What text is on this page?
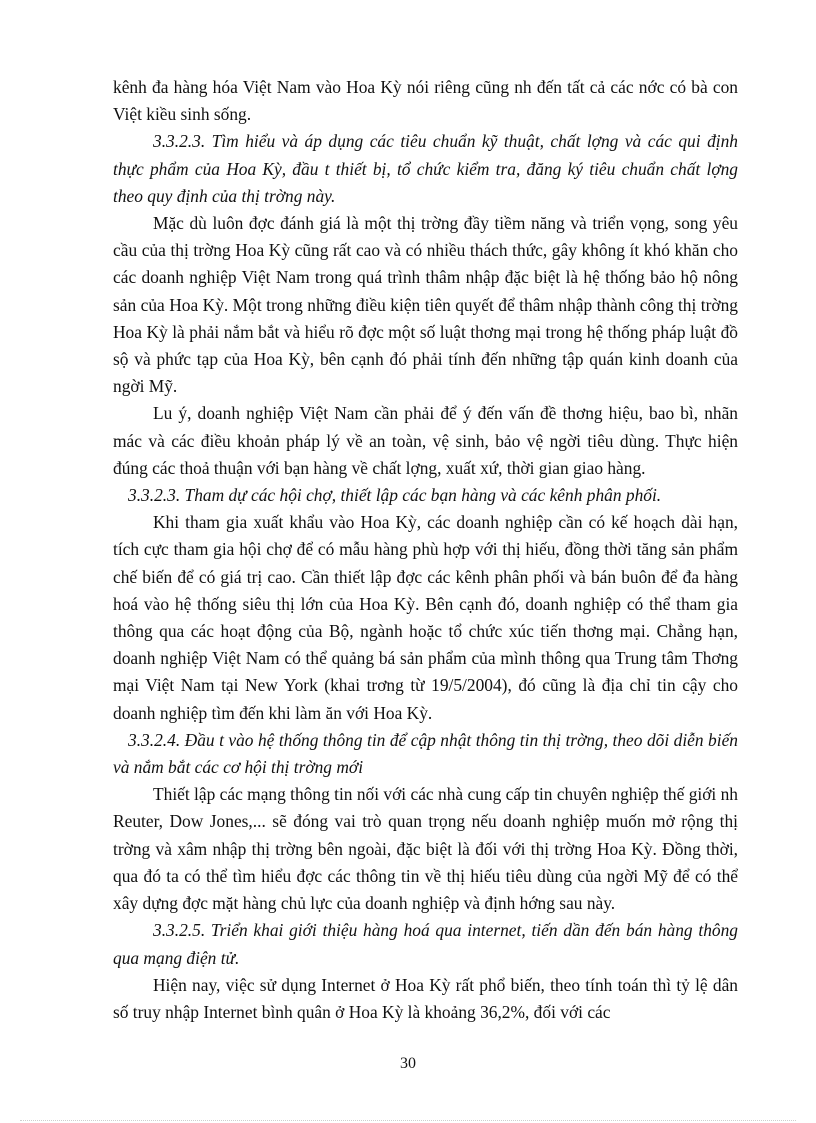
kênh đa hàng hóa Việt Nam vào Hoa Kỳ nói riêng cũng nh đến tất cả các nớc có bà con Việt kiều sinh sống.

3.3.2.3. Tìm hiểu và áp dụng các tiêu chuẩn kỹ thuật, chất lợng và các qui định thực phẩm của Hoa Kỳ, đầu t thiết bị, tổ chức kiểm tra, đăng ký tiêu chuẩn chất lợng theo quy định của thị trờng này.

Mặc dù luôn đợc đánh giá là một thị trờng đầy tiềm năng và triển vọng, song yêu cầu của thị trờng Hoa Kỳ cũng rất cao và có nhiều thách thức, gây không ít khó khăn cho các doanh nghiệp Việt Nam trong quá trình thâm nhập đặc biệt là hệ thống bảo hộ nông sản của Hoa Kỳ. Một trong những điều kiện tiên quyết để thâm nhập thành công thị trờng Hoa Kỳ là phải nắm bắt và hiểu rõ đợc một số luật thơng mại trong hệ thống pháp luật đồ sộ và phức tạp của Hoa Kỳ, bên cạnh đó phải tính đến những tập quán kinh doanh của ngời Mỹ.

Lu ý, doanh nghiệp Việt Nam cần phải để ý đến vấn đề thơng hiệu, bao bì, nhãn mác và các điều khoản pháp lý về an toàn, vệ sinh, bảo vệ ngời tiêu dùng. Thực hiện đúng các thoả thuận với bạn hàng về chất lợng, xuất xứ, thời gian giao hàng.

3.3.2.3. Tham dự các hội chợ, thiết lập các bạn hàng và các kênh phân phối.

Khi tham gia xuất khẩu vào Hoa Kỳ, các doanh nghiệp cần có kế hoạch dài hạn, tích cực tham gia hội chợ để có mẫu hàng phù hợp với thị hiếu, đồng thời tăng sản phẩm chế biến để có giá trị cao. Cần thiết lập đợc các kênh phân phối và bán buôn để đa hàng hoá vào hệ thống siêu thị lớn của Hoa Kỳ. Bên cạnh đó, doanh nghiệp có thể tham gia thông qua các hoạt động của Bộ, ngành hoặc tổ chức xúc tiến thơng mại. Chẳng hạn, doanh nghiệp Việt Nam có thể quảng bá sản phẩm của mình thông qua Trung tâm Thơng mại Việt Nam tại New York (khai trơng từ 19/5/2004), đó cũng là địa chỉ tin cậy cho doanh nghiệp tìm đến khi làm ăn với Hoa Kỳ.

3.3.2.4. Đầu t vào hệ thống thông tin để cập nhật thông tin thị trờng, theo dõi diễn biến và nắm bắt các cơ hội thị trờng mới

Thiết lập các mạng thông tin nối với các nhà cung cấp tin chuyên nghiệp thế giới nh Reuter, Dow Jones,... sẽ đóng vai trò quan trọng nếu doanh nghiệp muốn mở rộng thị trờng và xâm nhập thị trờng bên ngoài, đặc biệt là đối với thị trờng Hoa Kỳ. Đồng thời, qua đó ta có thể tìm hiểu đợc các thông tin về thị hiếu tiêu dùng của ngời Mỹ để có thể xây dựng đợc mặt hàng chủ lực của doanh nghiệp và định hớng sau này.

3.3.2.5. Triển khai giới thiệu hàng hoá qua internet, tiến dần đến bán hàng thông qua mạng điện tử.

Hiện nay, việc sử dụng Internet ở Hoa Kỳ rất phổ biến, theo tính toán thì tỷ lệ dân số truy nhập Internet bình quân ở Hoa Kỳ là khoảng 36,2%, đối với các

30
